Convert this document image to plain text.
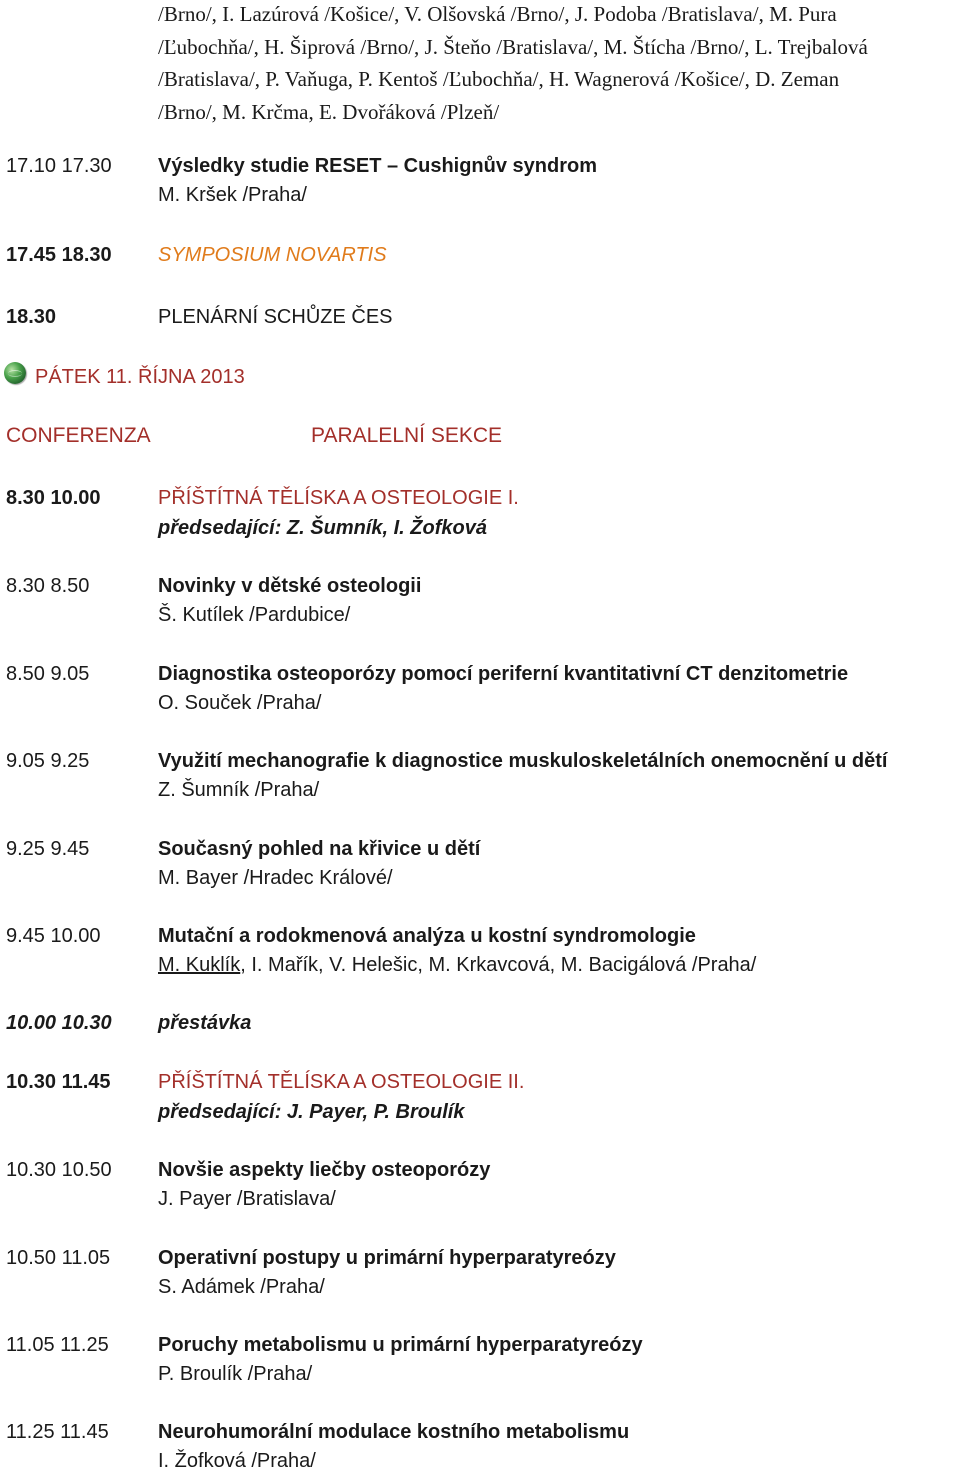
/Brno/, I. Lazúrová /Košice/, V. Olšovská /Brno/, J. Podoba /Bratislava/, M. Pura
/Ľubochňa/, H. Šiprová /Brno/, J. Šteňo /Bratislava/, M. Štícha /Brno/, L. Trejbalová
/Bratislava/, P. Vaňuga, P. Kentoš /Ľubochňa/, H. Wagnerová /Košice/, D. Zeman
/Brno/, M. Krčma, E. Dvořáková /Plzeň/
17.10 17.30 Výsledky studie RESET – Cushignův syndrom
M. Kršek /Praha/
17.45 18.30 SYMPOSIUM NOVARTIS
18.30	PLENÁRNÍ SCHŮZE ČES
PÁTEK 11. ŘÍJNA 2013
CONFERENZA	PARALELNÍ SEKCE
8.30 10.00	PŘÍŠTÍTNÁ TĚLÍSKA A OSTEOLOGIE I.
předsedající: Z. Šumník, I. Žofková
8.30 8.50	Novinky v dětské osteologii
Š. Kutílek /Pardubice/
8.50 9.05	Diagnostika osteoporózy pomocí periferní kvantitativní CT denzitometrie
O. Souček /Praha/
9.05 9.25	Využití mechanografie k diagnostice muskuloskeletálních onemocnění u dětí
Z. Šumník /Praha/
9.25 9.45	Současný pohled na křivice u dětí
M. Bayer /Hradec Králové/
9.45 10.00	Mutační a rodokmenová analýza u kostní syndromologie
M. Kuklík, I. Mařík, V. Helešic, M. Krkavcová, M. Bacigálová /Praha/
10.00 10.30 přestávka
10.30 11.45 PŘÍŠTÍTNÁ TĚLÍSKA A OSTEOLOGIE II.
předsedající: J. Payer, P. Broulík
10.30 10.50 Novšie aspekty liečby osteoporózy
J. Payer /Bratislava/
10.50 11.05 Operativní postupy u primární hyperparatyreózy
S. Adámek /Praha/
11.05 11.25 Poruchy metabolismu u primární hyperparatyreózy
P. Broulík /Praha/
11.25 11.45 Neurohumorální modulace kostního metabolismu
I. Žofková /Praha/
